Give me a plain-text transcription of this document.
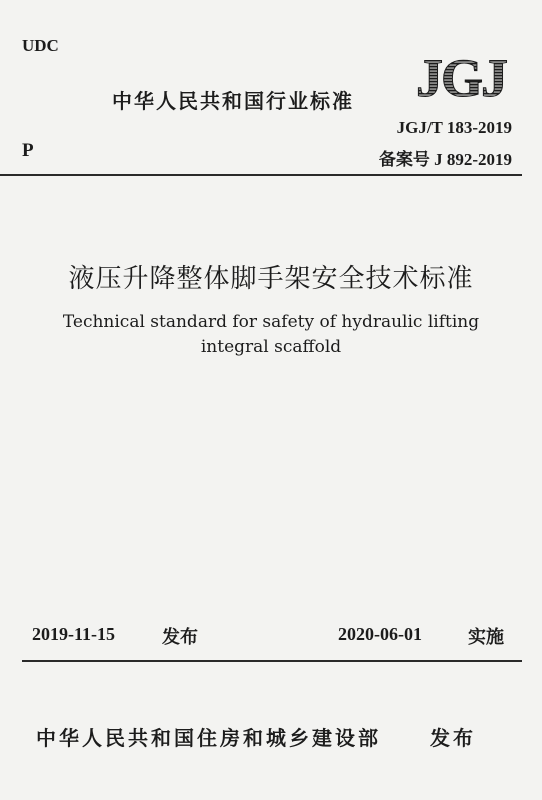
UDC
中华人民共和国行业标准 JGJ
P
JGJ/T 183-2019
备案号 J 892-2019
液压升降整体脚手架安全技术标准
Technical standard for safety of hydraulic lifting
integral scaffold
2019-11-15	发布	2020-06-01	实施
中华人民共和国住房和城乡建设部 发布
